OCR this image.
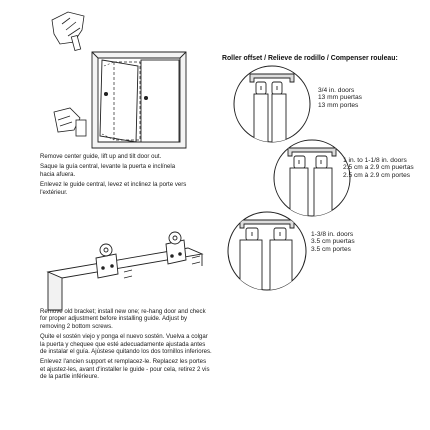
Remove center guide, lift up and tilt door out.

Saque la guía central, levante la puerta e inclínela hacia afuera.

Enlevez le guide central, levez et inclinez la porte vers l'extérieur.

Remove old bracket; install new one; re-hang door and check for proper adjustment before installing guide. Adjust by removing 2 bottom screws.

Quite el sostén viejo y ponga el nuevo sostén. Vuelva a colgar la puerta y chequee que esté adecuadamente ajustada antes de instalar el guía. Ajústese quitando los dos tornillos inferiores.

Enlevez l'ancien support et remplacez-le. Replacez les portes et ajustez-les, avant d'installer le guide - pour cela, retirez 2 vis de la partie inférieure.

Roller offset / Relieve de rodillo / Compenser rouleau:
3/4 in. doors
13 mm puertas
13 mm portes
1 in. to 1-1/8 in. doors
2.5 cm a 2.9 cm puertas
2.5 cm à 2.9 cm portes
1-3/8 in. doors
3.5 cm puertas
3.5 cm portes
